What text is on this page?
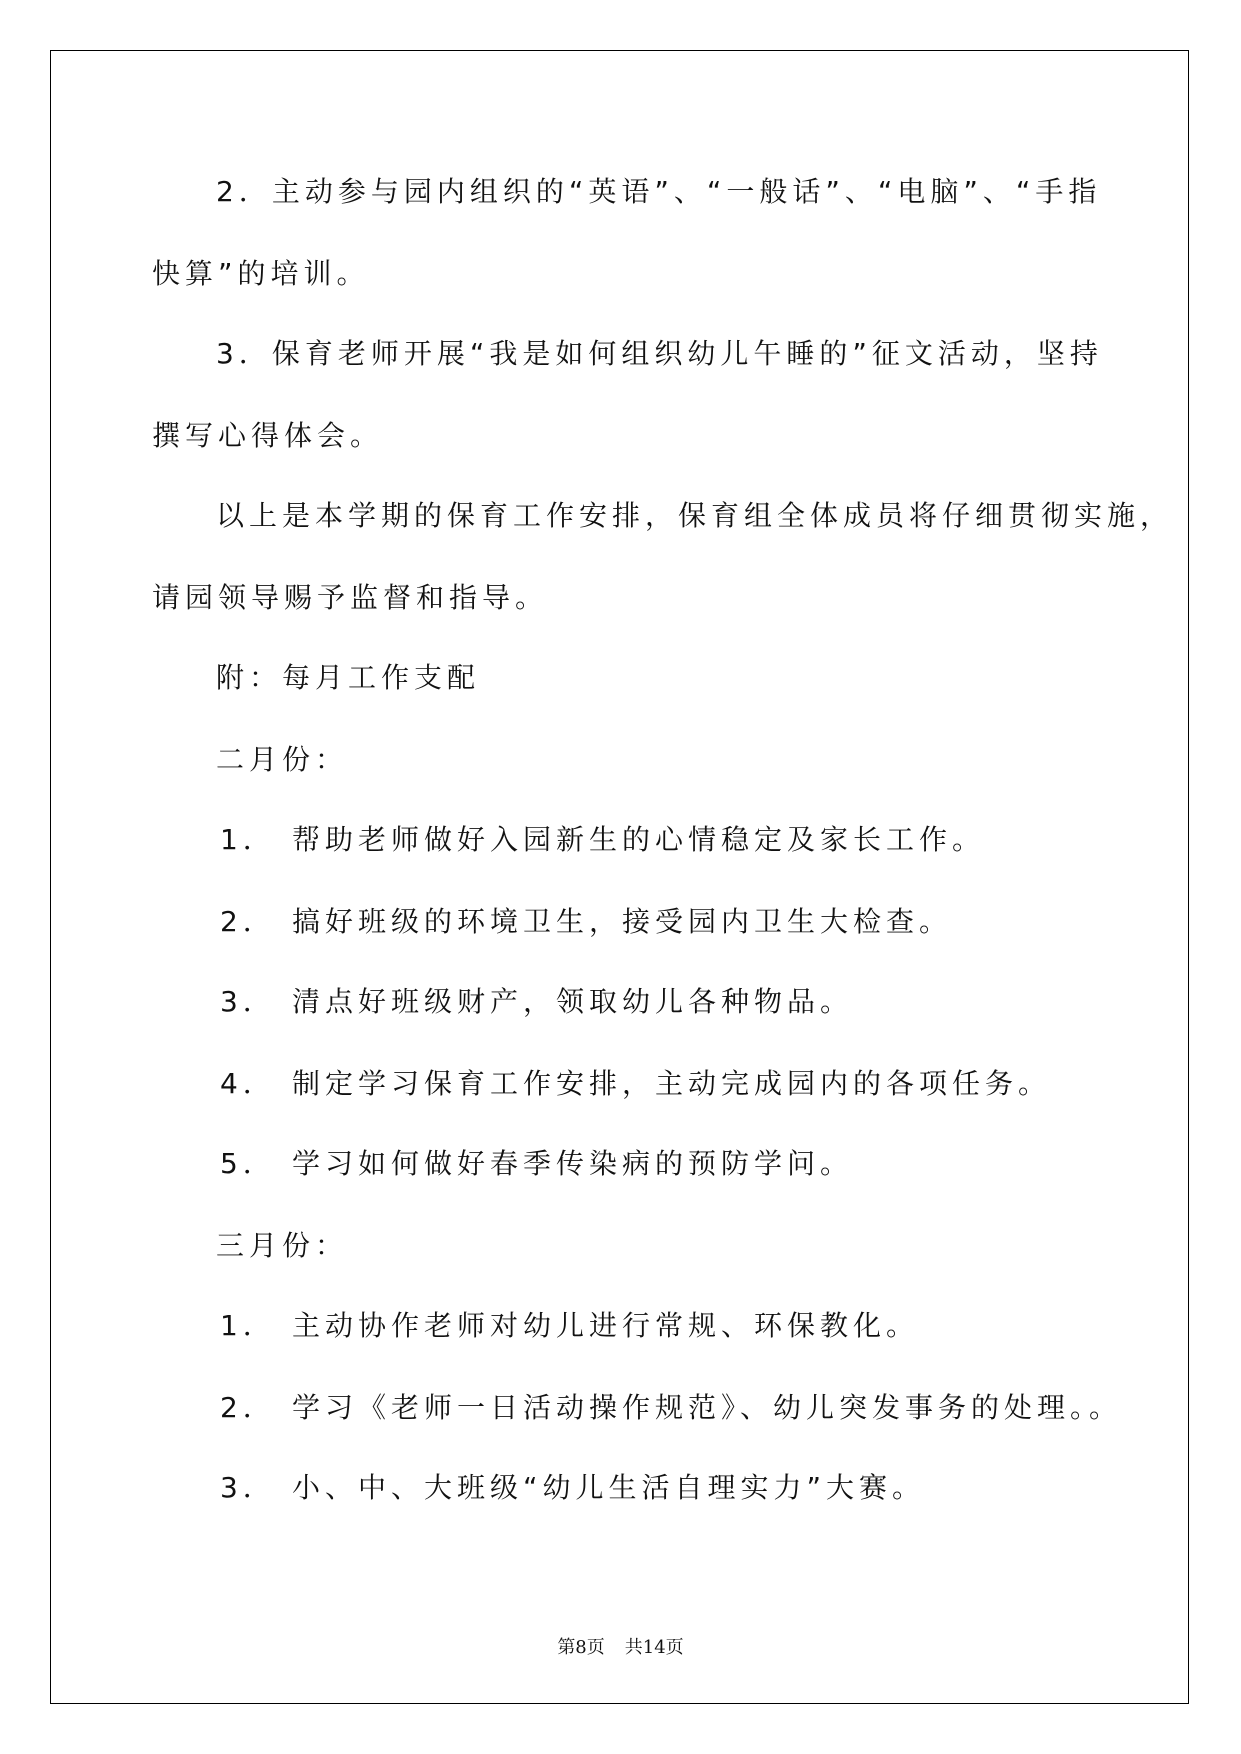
2．主动参与园内组织的“英语”、“一般话”、“电脑”、“手指
快算”的培训。
3．保育老师开展“我是如何组织幼儿午睡的”征文活动，坚持
撰写心得体会。
以上是本学期的保育工作安排，保育组全体成员将仔细贯彻实施，
请园领导赐予监督和指导。
附：每月工作支配
二月份：
1． 帮助老师做好入园新生的心情稳定及家长工作。
2． 搞好班级的环境卫生，接受园内卫生大检查。
3． 清点好班级财产，领取幼儿各种物品。
4． 制定学习保育工作安排，主动完成园内的各项任务。
5． 学习如何做好春季传染病的预防学问。
三月份：
1． 主动协作老师对幼儿进行常规、环保教化。
2． 学习《老师一日活动操作规范》、幼儿突发事务的处理。。
3． 小、中、大班级“幼儿生活自理实力”大赛。
第8页 共14页
